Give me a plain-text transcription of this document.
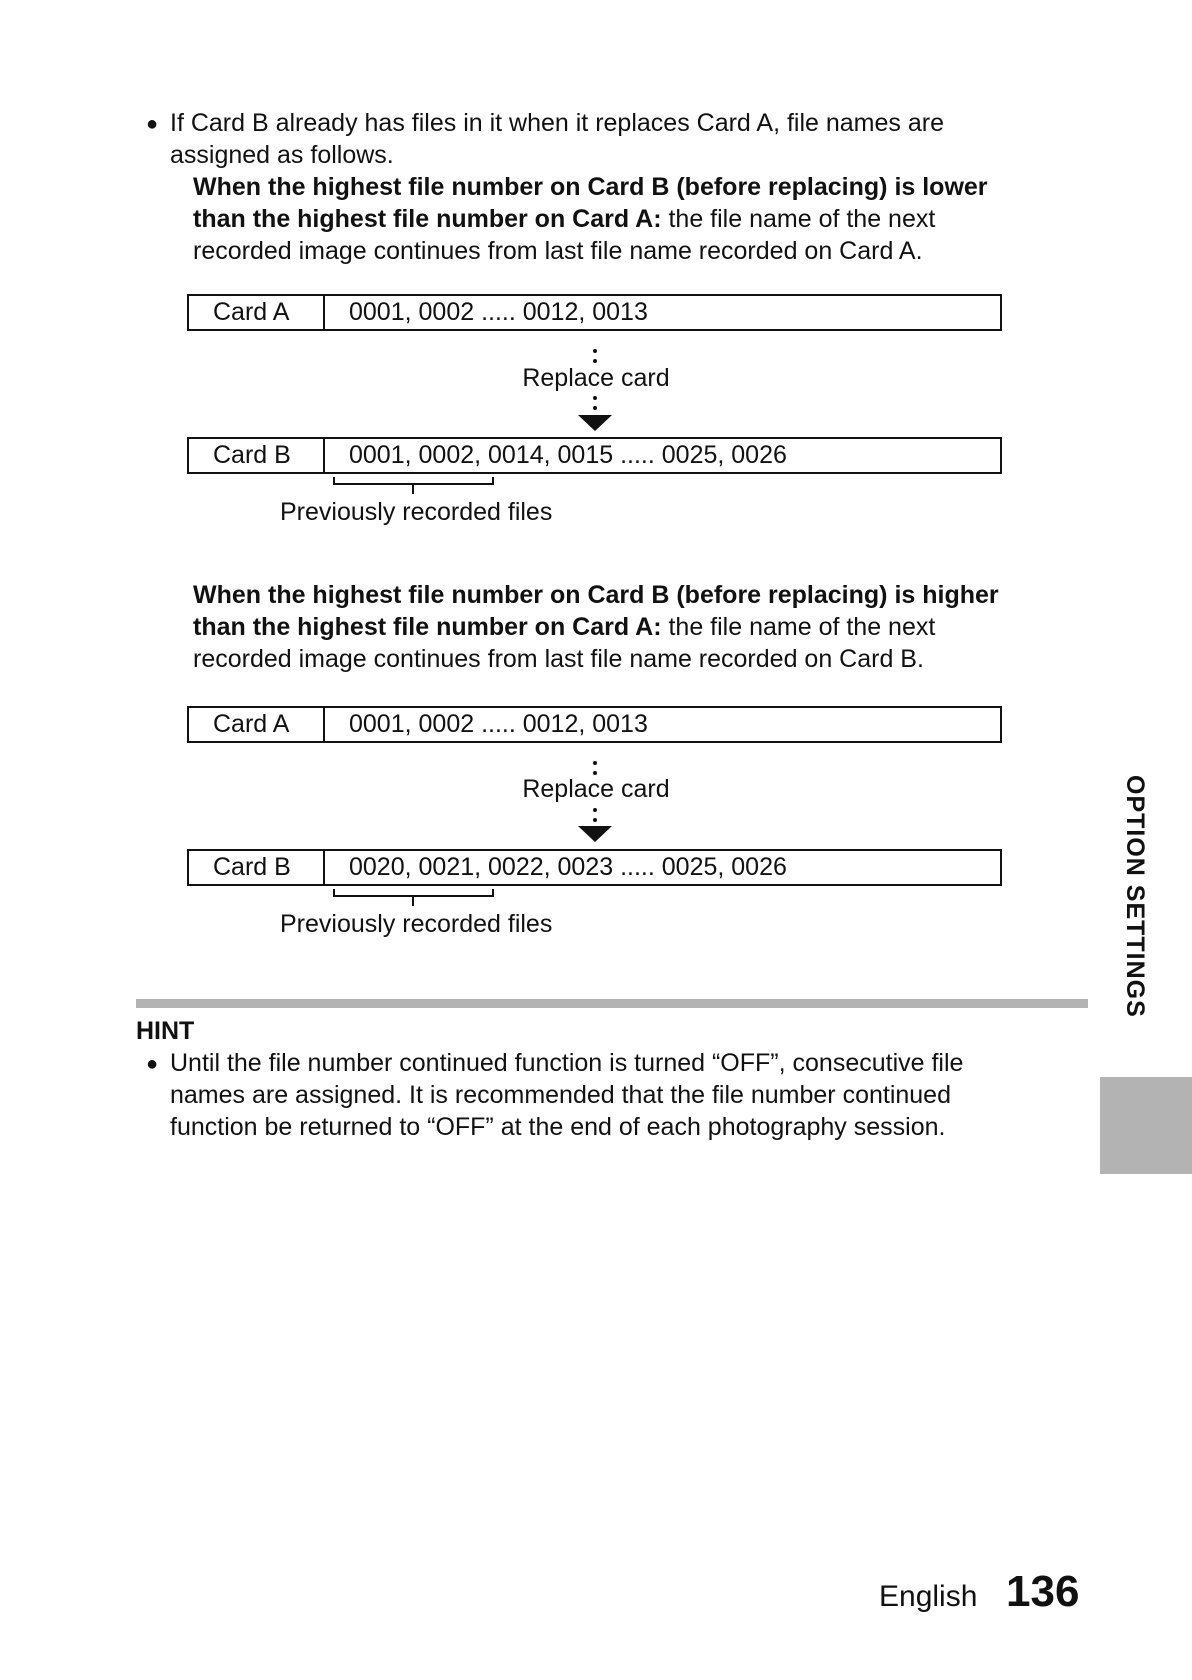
● If Card B already has files in it when it replaces Card A, file names are
assigned as follows.
When the highest file number on Card B (before replacing) is lower
than the highest file number on Card A: the file name of the next
recorded image continues from last file name recorded on Card A.
Card A 0001, 0002 ..... 0012, 0013
Replace card
Card B 0001, 0002, 0014, 0015 ..... 0025, 0026
Previously recorded files
When the highest file number on Card B (before replacing) is higher
than the highest file number on Card A: the file name of the next
recorded image continues from last file name recorded on Card B.
Card A 0001, 0002 ..... 0012, 0013
Replace card
Card B 0020, 0021, 0022, 0023 ..... 0025, 0026
Previously recorded files
HINT
● Until the file number continued function is turned “OFF”, consecutive file
names are assigned. It is recommended that the file number continued
function be returned to “OFF” at the end of each photography session.
OPTION SETTINGS
English 136
